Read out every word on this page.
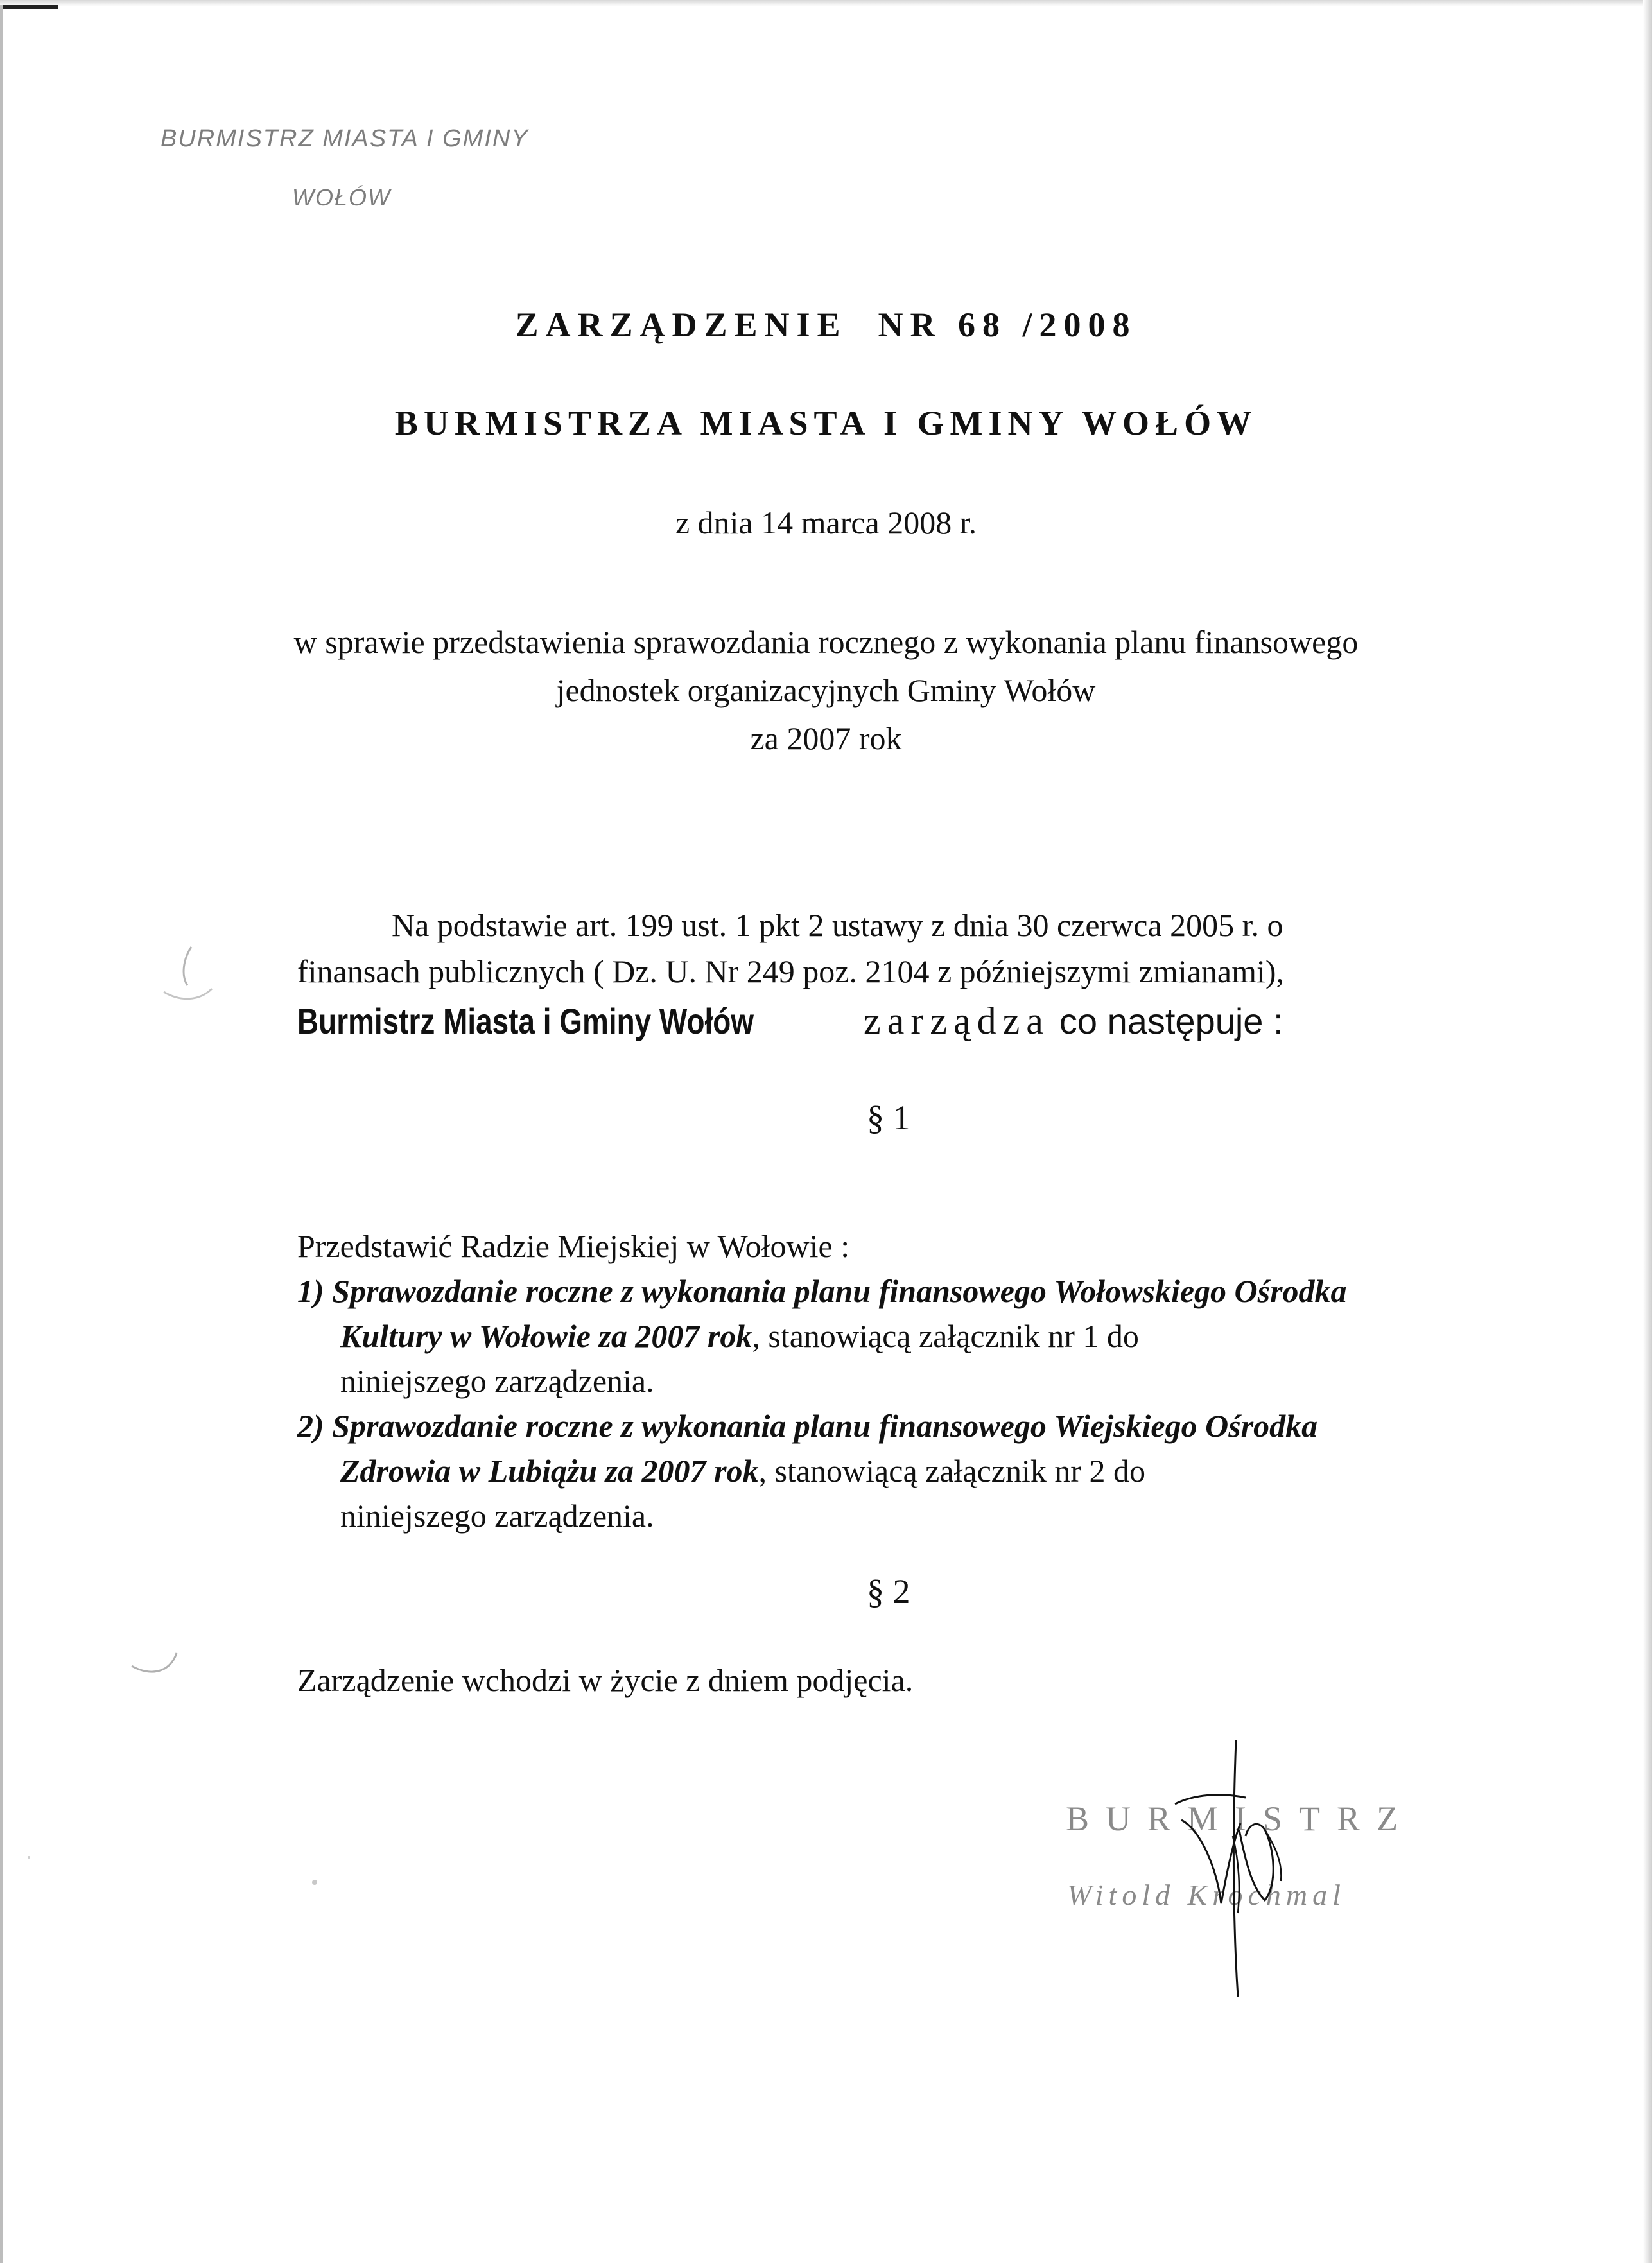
BURMISTRZ MIASTA I GMINY
WOŁÓW
ZARZĄDZENIE NR 68 /2008
BURMISTRZA MIASTA I GMINY WOŁÓW
z dnia 14 marca 2008 r.
w sprawie przedstawienia sprawozdania rocznego z wykonania planu finansowego
jednostek organizacyjnych Gminy Wołów
za 2007 rok
Na podstawie art. 199 ust. 1 pkt 2 ustawy z dnia 30 czerwca 2005 r. o
finansach publicznych ( Dz. U. Nr 249 poz. 2104 z późniejszymi zmianami),
Burmistrz Miasta i Gminy Wołów	zarządza co następuje :
§ 1
Przedstawić Radzie Miejskiej w Wołowie :
1) Sprawozdanie roczne z wykonania planu finansowego Wołowskiego Ośrodka
Kultury w Wołowie za 2007 rok, stanowiącą załącznik nr 1 do
niniejszego zarządzenia.
2) Sprawozdanie roczne z wykonania planu finansowego Wiejskiego Ośrodka
Zdrowia w Lubiążu za 2007 rok, stanowiącą załącznik nr 2 do
niniejszego zarządzenia.
§ 2
Zarządzenie wchodzi w życie z dniem podjęcia.
BURMISTRZ
Witold Krochmal
